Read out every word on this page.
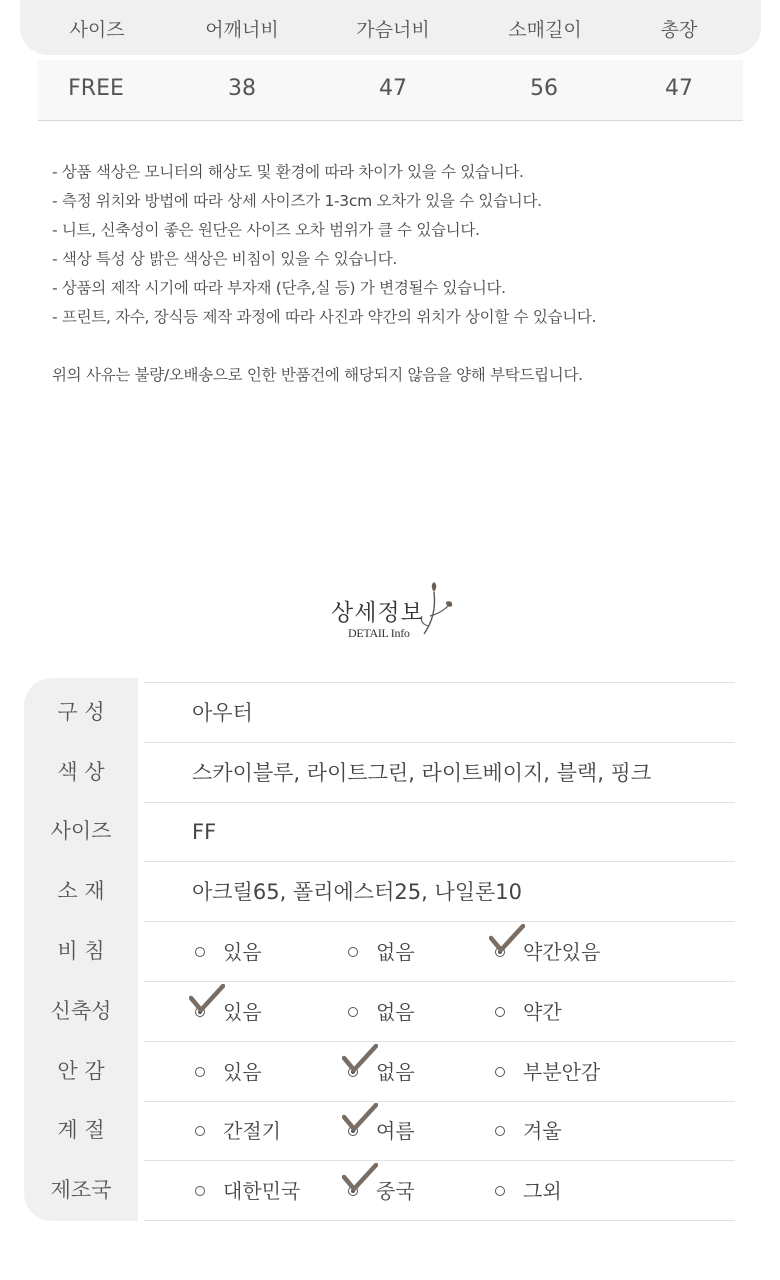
사이즈	어깨너비	가슴너비	소매길이	총장
FREE	38	47	56	47
- 상품 색상은 모니터의 해상도 및 환경에 따라 차이가 있을 수 있습니다.
- 측정 위치와 방법에 따라 상세 사이즈가 1-3cm 오차가 있을 수 있습니다.
- 니트, 신축성이 좋은 원단은 사이즈 오차 범위가 클 수 있습니다.
- 색상 특성 상 밝은 색상은 비침이 있을 수 있습니다.
- 상품의 제작 시기에 따라 부자재 (단추,실 등) 가 변경될수 있습니다.
- 프린트, 자수, 장식등 제작 과정에 따라 사진과 약간의 위치가 상이할 수 있습니다.
위의 사유는 불량/오배송으로 인한 반품건에 해당되지 않음을 양해 부탁드립니다.
상세정보
DETAIL Info
구 성	아우터
색 상	스카이블루, 라이트그린, 라이트베이지, 블랙, 핑크
사이즈	FF
소 재	아크릴65, 폴리에스터25, 나일론10
비 침	있음	없음	약간있음
신축성	있음	없음	약간
안 감	있음	없음	부분안감
계 절	간절기	여름	겨울
제조국	대한민국	중국	그외
